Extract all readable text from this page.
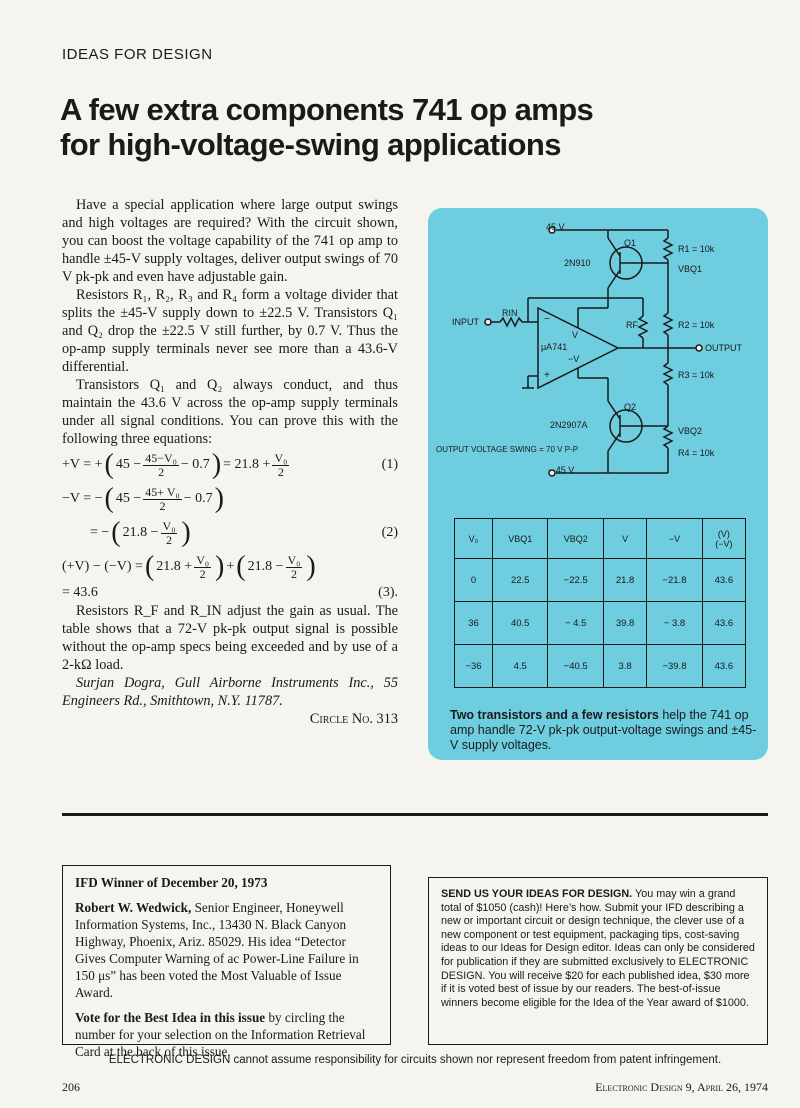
IDEAS FOR DESIGN
A few extra components 741 op amps
for high-voltage-swing applications

Have a special application where large output swings and high voltages are required? With the circuit shown, you can boost the voltage capability of the 741 op amp to handle ±45-V supply voltages, deliver output swings of 70 V pk-pk and even have adjustable gain.

Resistors R₁, R₂, R₃ and R₄ form a voltage divider that splits the ±45-V supply down to ±22.5 V. Transistors Q₁ and Q₂ drop the ±22.5 V still further, by 0.7 V. Thus the op-amp supply terminals never see more than a 43.6-V differential.

Transistors Q₁ and Q₂ always conduct, and thus maintain the 43.6 V across the op-amp supply terminals under all signal conditions. You can prove this with the following three equations:

+V = + ( $45 - \frac{\text{45−V₀}}{2} - 0.7$ ) = $21.8 + \frac{\text{V₀}}{2}$	(1)
−V = − ( $45 - \frac{\text{45+ V₀}}{2} - 0.7$ )
= − ( $21.8 - \frac{\text{V₀}}{2}$ )	(2)
(+V) − (−V) = ( $21.8 + \frac{\text{V₀}}{2}$ ) + ( $21.8 - \frac{\text{V₀}}{2}$ )
= 43.6	(3).

Resistors R_F and R_IN adjust the gain as usual. The table shows that a 72-V pk-pk output signal is possible without the op-amp specs being exceeded and by use of a 2-kΩ load.

Surjan Dogra, Gull Airborne Instruments Inc., 55 Engineers Rd., Smithtown, N.Y. 11787.

Circle No. 313
45 V
− 45 V
2N910
Q1
2N2907A
Q2
R1 = 10k
VBQ1
R2 = 10k
R3 = 10k
VBQ2
R4 = 10k
RF
RIN
INPUT
OUTPUT
−
+
V
−V
μA741
OUTPUT VOLTAGE SWING = 70 V P-P
V₀	VBQ1	VBQ2	V	−V	(V)
(−V)
0	22.5	−22.5	21.8	−21.8	43.6
36	40.5	− 4.5	39.8	− 3.8	43.6
−36	4.5	−40.5	3.8	−39.8	43.6
Two transistors and a few resistors help the 741 op amp handle 72-V pk-pk output-voltage swings and ±45-V supply voltages.
IFD Winner of December 20, 1973

Robert W. Wedwick, Senior Engineer, Honeywell Information Systems, Inc., 13430 N. Black Canyon Highway, Phoenix, Ariz. 85029. His idea “Detector Gives Computer Warning of ac Power-Line Failure in 150 μs” has been voted the Most Valuable of Issue Award.

Vote for the Best Idea in this issue by circling the number for your selection on the Information Retrieval Card at the back of this issue.

SEND US YOUR IDEAS FOR DESIGN. You may win a grand total of $1050 (cash)! Here’s how. Submit your IFD describing a new or important circuit or design technique, the clever use of a new component or test equipment, packaging tips, cost-saving ideas to our Ideas for Design editor. Ideas can only be considered for publication if they are submitted exclusively to ELECTRONIC DESIGN. You will receive $20 for each published idea, $30 more if it is voted best of issue by our readers. The best-of-issue winners become eligible for the Idea of the Year award of $1000.
ELECTRONIC DESIGN cannot assume responsibility for circuits shown nor represent freedom from patent infringement.
206	Electronic Design 9, April 26, 1974
